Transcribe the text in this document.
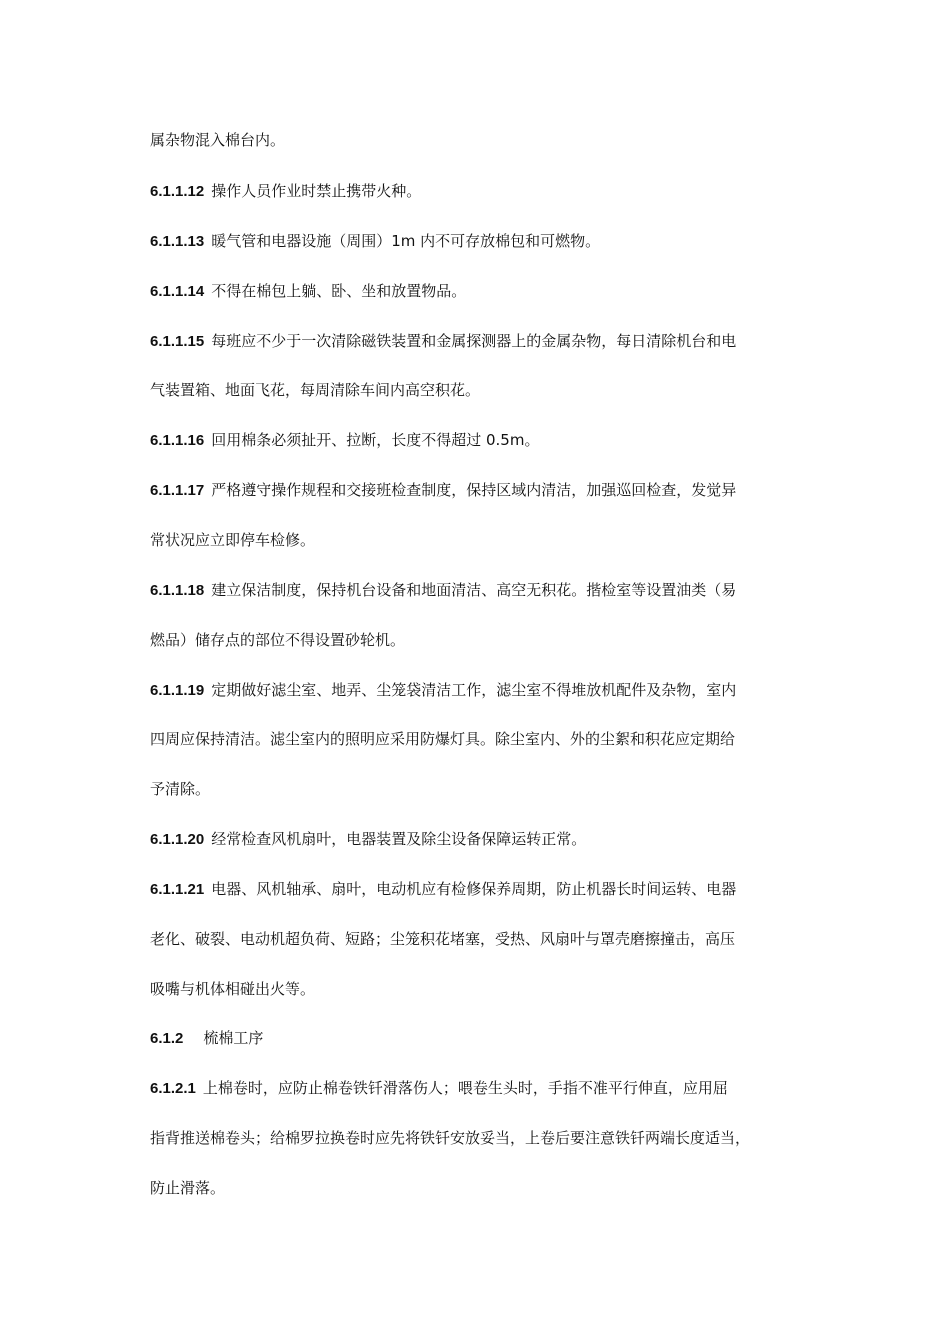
属杂物混入棉台内。
6.1.1.12 操作人员作业时禁止携带火种。
6.1.1.13 暖气管和电器设施（周围）1m 内不可存放棉包和可燃物。
6.1.1.14 不得在棉包上躺、卧、坐和放置物品。
6.1.1.15 每班应不少于一次清除磁铁装置和金属探测器上的金属杂物，每日清除机台和电
气装置箱、地面飞花，每周清除车间内高空积花。
6.1.1.16 回用棉条必须扯开、拉断，长度不得超过 0.5m。
6.1.1.17 严格遵守操作规程和交接班检查制度，保持区域内清洁，加强巡回检查，发觉异
常状况应立即停车检修。
6.1.1.18 建立保洁制度，保持机台设备和地面清洁、高空无积花。揩检室等设置油类（易
燃品）储存点的部位不得设置砂轮机。
6.1.1.19 定期做好滤尘室、地弄、尘笼袋清洁工作，滤尘室不得堆放机配件及杂物，室内
四周应保持清洁。滤尘室内的照明应采用防爆灯具。除尘室内、外的尘絮和积花应定期给
予清除。
6.1.1.20 经常检查风机扇叶，电器装置及除尘设备保障运转正常。
6.1.1.21 电器、风机轴承、扇叶，电动机应有检修保养周期，防止机器长时间运转、电器
老化、破裂、电动机超负荷、短路；尘笼积花堵塞，受热、风扇叶与罩壳磨擦撞击，高压
吸嘴与机体相碰出火等。
6.1.2 梳棉工序
6.1.2.1 上棉卷时，应防止棉卷铁钎滑落伤人；喂卷生头时，手指不准平行伸直，应用屈
指背推送棉卷头；给棉罗拉换卷时应先将铁钎安放妥当，上卷后要注意铁钎两端长度适当，
防止滑落。
